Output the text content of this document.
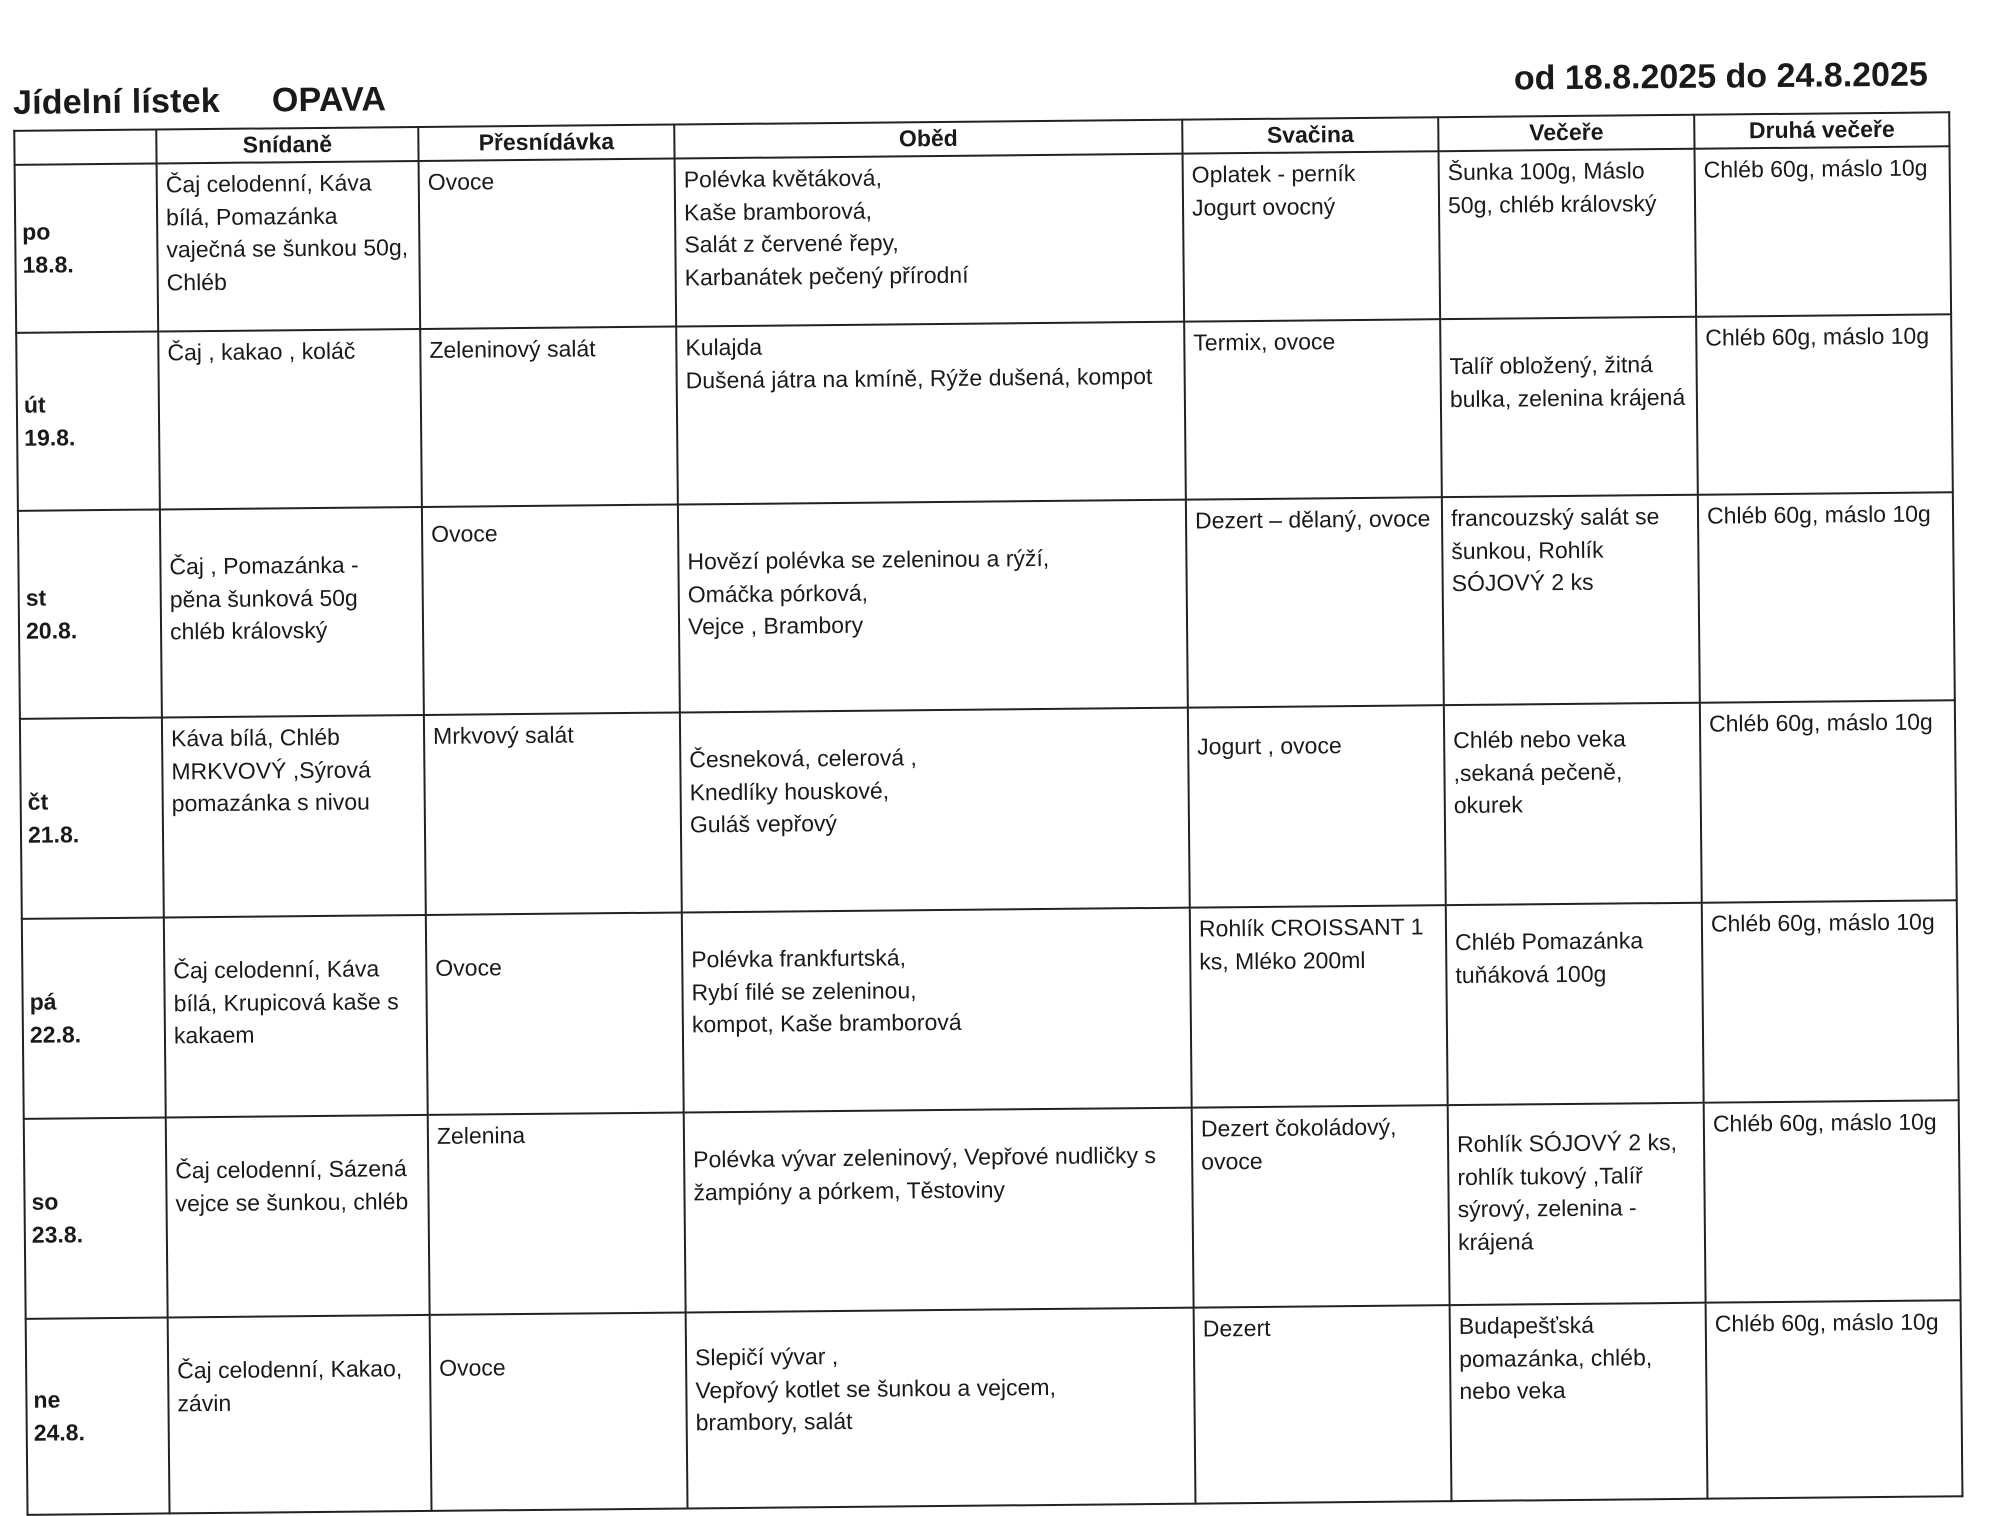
Jídelní lístek OPAVA
od 18.8.2025 do 24.8.2025
	Snídaně	Přesnídávka	Oběd	Svačina	Večeře	Druhá večeře
po
18.8.	Čaj celodenní, Káva bílá, Pomazánka vaječná se šunkou 50g, Chléb	Ovoce	Polévka květáková,
Kaše bramborová,
Salát z červené řepy,
Karbanátek pečený přírodní	Oplatek - perník
Jogurt ovocný	Šunka 100g, Máslo 50g, chléb královský	Chléb 60g, máslo 10g
út
19.8.	Čaj , kakao , koláč	Zeleninový salát	Kulajda
Dušená játra na kmíně, Rýže dušená, kompot	Termix, ovoce	Talíř obložený, žitná bulka, zelenina krájená	Chléb 60g, máslo 10g
st
20.8.	Čaj , Pomazánka - pěna šunková 50g
chléb královský	Ovoce	Hovězí polévka se zeleninou a rýží,
Omáčka pórková,
Vejce , Brambory	Dezert – dělaný, ovoce	francouzský salát se šunkou, Rohlík SÓJOVÝ 2 ks	Chléb 60g, máslo 10g
čt
21.8.	Káva bílá, Chléb MRKVOVÝ ,Sýrová pomazánka s nivou	Mrkvový salát	Česneková, celerová ,
Knedlíky houskové,
Guláš vepřový	Jogurt , ovoce	Chléb nebo veka ,sekaná pečeně, okurek	Chléb 60g, máslo 10g
pá
22.8.	Čaj celodenní, Káva bílá, Krupicová kaše s kakaem	Ovoce	Polévka frankfurtská,
Rybí filé se zeleninou,
kompot, Kaše bramborová	Rohlík CROISSANT 1 ks, Mléko 200ml	Chléb Pomazánka tuňáková 100g	Chléb 60g, máslo 10g
so
23.8.	Čaj celodenní, Sázená vejce se šunkou, chléb	Zelenina	Polévka vývar zeleninový, Vepřové nudličky s žampióny a pórkem, Těstoviny	Dezert čokoládový, ovoce	Rohlík SÓJOVÝ 2 ks, rohlík tukový ,Talíř sýrový, zelenina - krájená	Chléb 60g, máslo 10g
ne
24.8.	Čaj celodenní, Kakao, závin	Ovoce	Slepičí vývar ,
Vepřový kotlet se šunkou a vejcem,
brambory, salát	Dezert	Budapešťská pomazánka, chléb, nebo veka	Chléb 60g, máslo 10g
